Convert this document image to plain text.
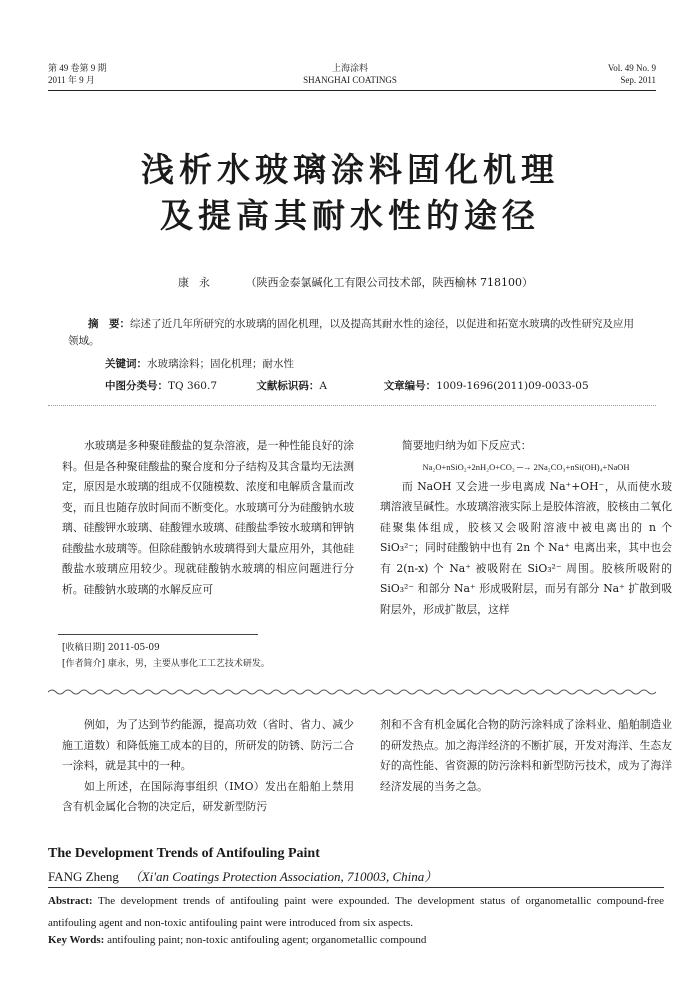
第 49 卷第 9 期
2011 年 9 月
上海涂料
SHANGHAI COATINGS
Vol. 49 No. 9
Sep. 2011
浅析水玻璃涂料固化机理
及提高其耐水性的途径
康永 （陕西金泰氯碱化工有限公司技术部，陕西榆林 718100）
摘　要：综述了近几年所研究的水玻璃的固化机理，以及提高其耐水性的途径，以促进和拓宽水玻璃的改性研究及应用领域。
关键词：水玻璃涂料；固化机理；耐水性
中图分类号：TQ 360.7	文献标识码：A	文章编号：1009-1696(2011)09-0033-05

水玻璃是多种聚硅酸盐的复杂溶液，是一种性能良好的涂料。但是各种聚硅酸盐的聚合度和分子结构及其含量均无法测定，原因是水玻璃的组成不仅随模数、浓度和电解质含量而改变，而且也随存放时间而不断变化。水玻璃可分为硅酸钠水玻璃、硅酸钾水玻璃、硅酸锂水玻璃、硅酸盐季铵水玻璃和钾钠硅酸盐水玻璃等。但除硅酸钠水玻璃得到大量应用外，其他硅酸盐水玻璃应用较少。现就硅酸钠水玻璃的相应问题进行分析。硅酸钠水玻璃的水解反应可

简要地归纳为如下反应式：

Na₂O+nSiO₂+2nH₂O+CO₂ ─→ 2Na₂CO₃+nSi(OH)₄+NaOH

而 NaOH 又会进一步电离成 Na⁺+OH⁻，从而使水玻璃溶液呈碱性。水玻璃溶液实际上是胶体溶液，胶核由二氧化硅聚集体组成，胶核又会吸附溶液中被电离出的 n 个 SiO₃²⁻；同时硅酸钠中也有 2n 个 Na⁺ 电离出来，其中也会有 2(n-x) 个 Na⁺ 被吸附在 SiO₃²⁻ 周围。胶核所吸附的 SiO₃²⁻ 和部分 Na⁺ 形成吸附层，而另有部分 Na⁺ 扩散到吸附层外，形成扩散层，这样

[收稿日期] 2011-05-09
[作者简介] 康永，男，主要从事化工工艺技术研发。

例如，为了达到节约能源，提高功效（省时、省力、减少施工道数）和降低施工成本的目的，所研发的防锈、防污二合一涂料，就是其中的一种。

如上所述，在国际海事组织（IMO）发出在船舶上禁用含有机金属化合物的决定后，研发新型防污

剂和不含有机金属化合物的防污涂料成了涂料业、船舶制造业的研发热点。加之海洋经济的不断扩展，开发对海洋、生态友好的高性能、省资源的防污涂料和新型防污技术，成为了海洋经济发展的当务之急。

The Development Trends of Antifouling Paint
FANG Zheng （Xi'an Coatings Protection Association, 710003, China）
Abstract: The development trends of antifouling paint were expounded. The development status of organometallic compound-free antifouling agent and non-toxic antifouling paint were introduced from six aspects.
Key Words: antifouling paint; non-toxic antifouling agent; organometallic compound
